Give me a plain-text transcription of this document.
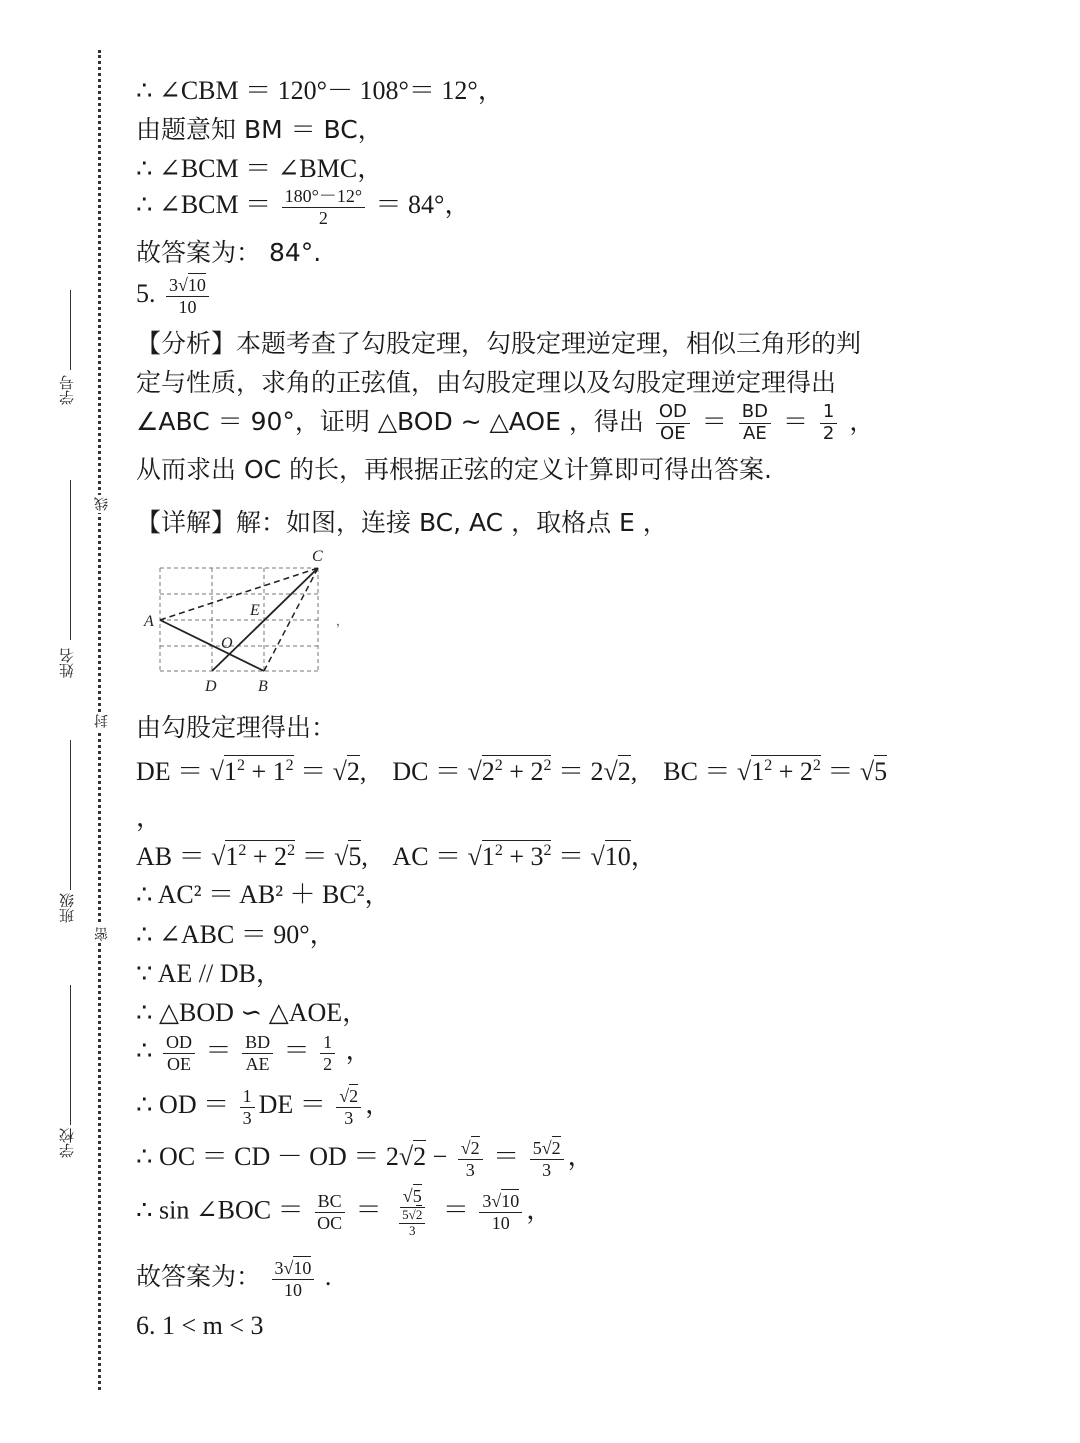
学号
姓名
班级
学校
线
封
密
∴ ∠CBM ＝ 120°－ 108°＝ 12°，
由题意知 BM ＝ BC，
∴ ∠BCM ＝ ∠BMC，
∴ ∠BCM ＝ $\frac{180^\circ-12^\circ}{2} = 84^\circ$，
故答案为： 84°.
5. $\frac{3√10}{10}$
【分析】本题考查了勾股定理，勾股定理逆定理，相似三角形的判
定与性质，求角的正弦值，由勾股定理以及勾股定理逆定理得出
∠ABC ＝ 90°，证明 △BOD ∼ △AOE ，得出 $\frac{OD}{OE} = \frac{BD}{AE} = \frac{1}{2}$ ，
从而求出 OC 的长，再根据正弦的定义计算即可得出答案.
【详解】解：如图，连接 BC, AC ，取格点 E ，
A
B
C
D
E
O
，
由勾股定理得出：
DE ＝ $√1^2 + 1^2 = √2$,    DC ＝ $√2^2 + 2^2 = 2√2$,    BC ＝ $√1^2 + 2^2 = √5$
，
AB ＝ $√1^2 + 2^2 = √5$,    AC ＝ $√1^2 + 3^2 = √10$，
∴ AC² ＝ AB² ＋ BC²，
∴ ∠ABC ＝ 90°，
∵ AE // DB，
∴ △BOD ∽ △AOE，
∴ $\frac{OD}{OE} = \frac{BD}{AE} = \frac{1}{2}$ ，
∴ OD ＝ $\frac{1}{3}$ DE ＝ $\frac{√2}{3}$ ，
∴ OC ＝ CD － OD ＝ $2√2 - \frac{√2}{3} = \frac{5√2}{3}$ ，
∴ sin ∠BOC ＝ $\frac{BC}{OC} = \frac{√5}{\frac{5√2}{3}} = \frac{3√10}{10}$ ，
故答案为： $\frac{3√10}{10}$ .
6. 1 < m < 3
